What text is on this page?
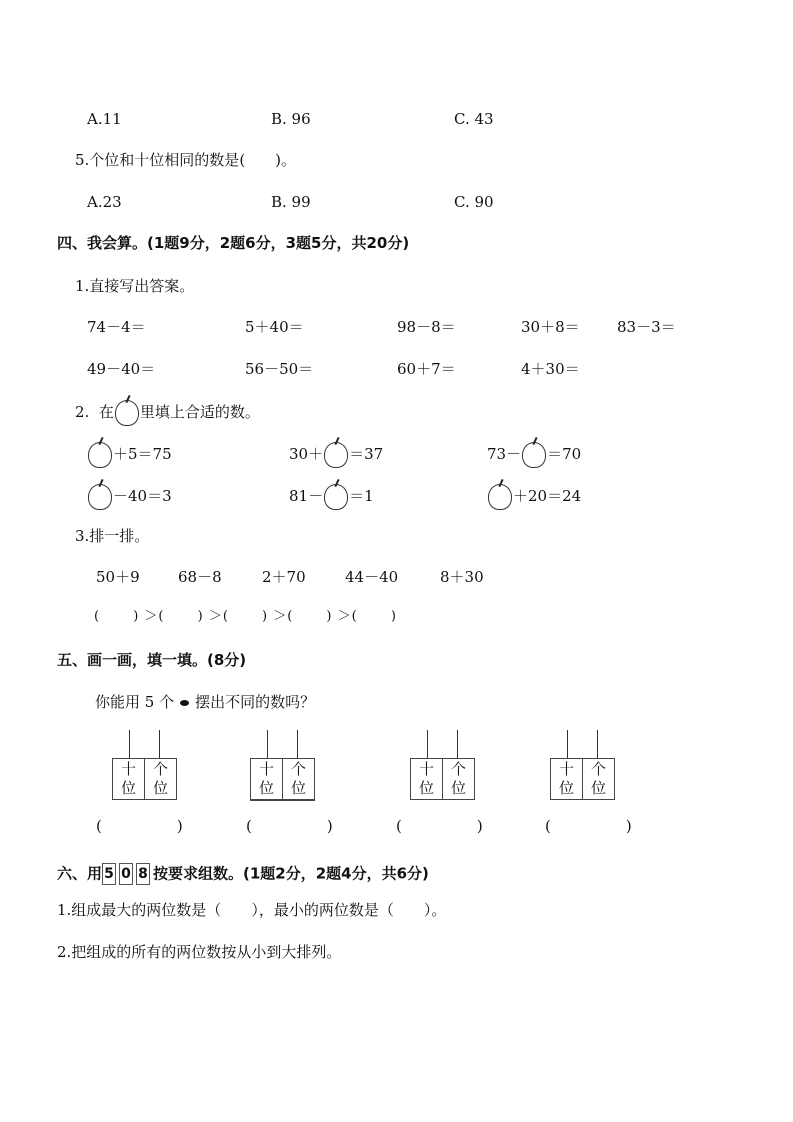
A.11	B. 96	C. 43
5.个位和十位相同的数是(　　)。
A.23	B. 99	C. 90
四、我会算。(1题9分，2题6分，3题5分，共20分)
1.直接写出答案。
74－4＝	5＋40＝	98－8＝	30＋8＝ 83－3＝
49－40＝	56－50＝	60＋7＝	4＋30＝
2.  在 里填上合适的数。
＋5＝75	30＋ ＝37	73－ ＝70
－40＝3	81－ ＝1	＋20＝24
3.排一排。
50＋9	68－8	2＋70	44－40	8＋30
(　　 ) ＞(　　 ) ＞(　　 ) ＞(　　 ) ＞(　　 )
五、画一画，填一填。(8分)
你能用 5 个 摆出不同的数吗？
十
位
个
位
十
位
个
位
十
位
个
位
十
位
个
位
(　　　　　)	(　　　　　)	(　　　　　)	(　　　　　)
六、用 5 0 8 按要求组数。(1题2分，2题4分，共6分)
1.组成最大的两位数是（　　），最小的两位数是（　　）。
2.把组成的所有的两位数按从小到大排列。
